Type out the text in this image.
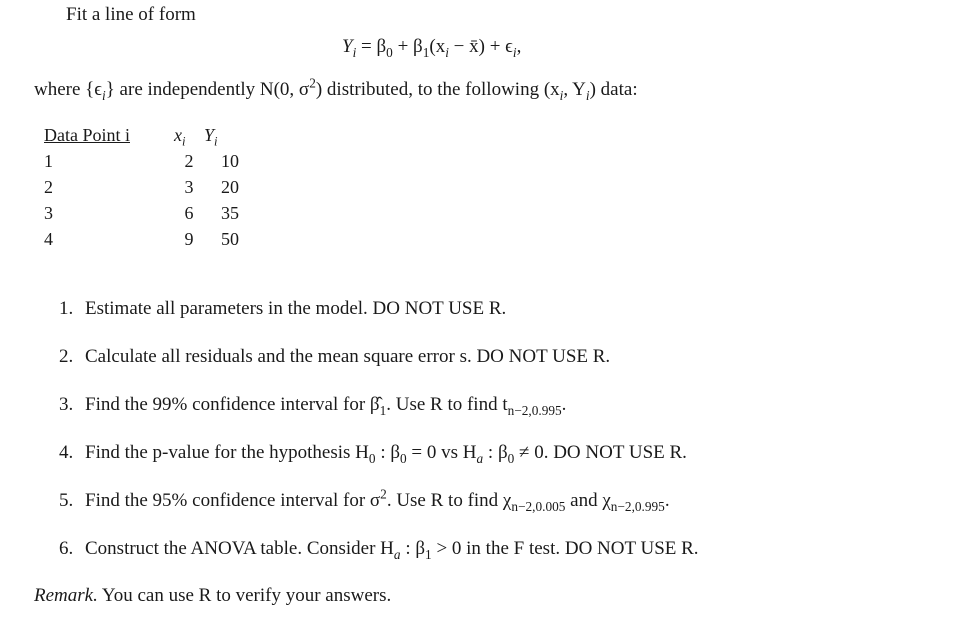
Fit a line of form
$Y_i = \beta_0 + \beta_1(x_i$ − x̄) + $\epsilon_i$,
where $\{\epsilon_i\}$ are independently N(0, $\sigma^2$) distributed, to the following ($x_i$, $Y_i$) data:
Data Point i	$x_i$	$Y_i$
1	2	10
2	3	20
3	6	35
4	9	50
1. Estimate all parameters in the model. DO NOT USE R.
2. Calculate all residuals and the mean square error s. DO NOT USE R.
3. Find the 99% confidence interval for $\betâ_1$. Use R to find $t_{n-2,0.995}$.
4. Find the p-value for the hypothesis $H_0$ : $\beta_0 = 0$ vs $H_a$ : $\beta_0 \ne 0$. DO NOT USE R.
5. Find the 95% confidence interval for $\sigma^2$. Use R to find $\chi_{n-2,0.005}$ and $\chi_{n-2,0.995}$.
6. Construct the ANOVA table. Consider $H_a$ : $\beta_1 > 0$ in the F test. DO NOT USE R.
Remark. You can use R to verify your answers.
